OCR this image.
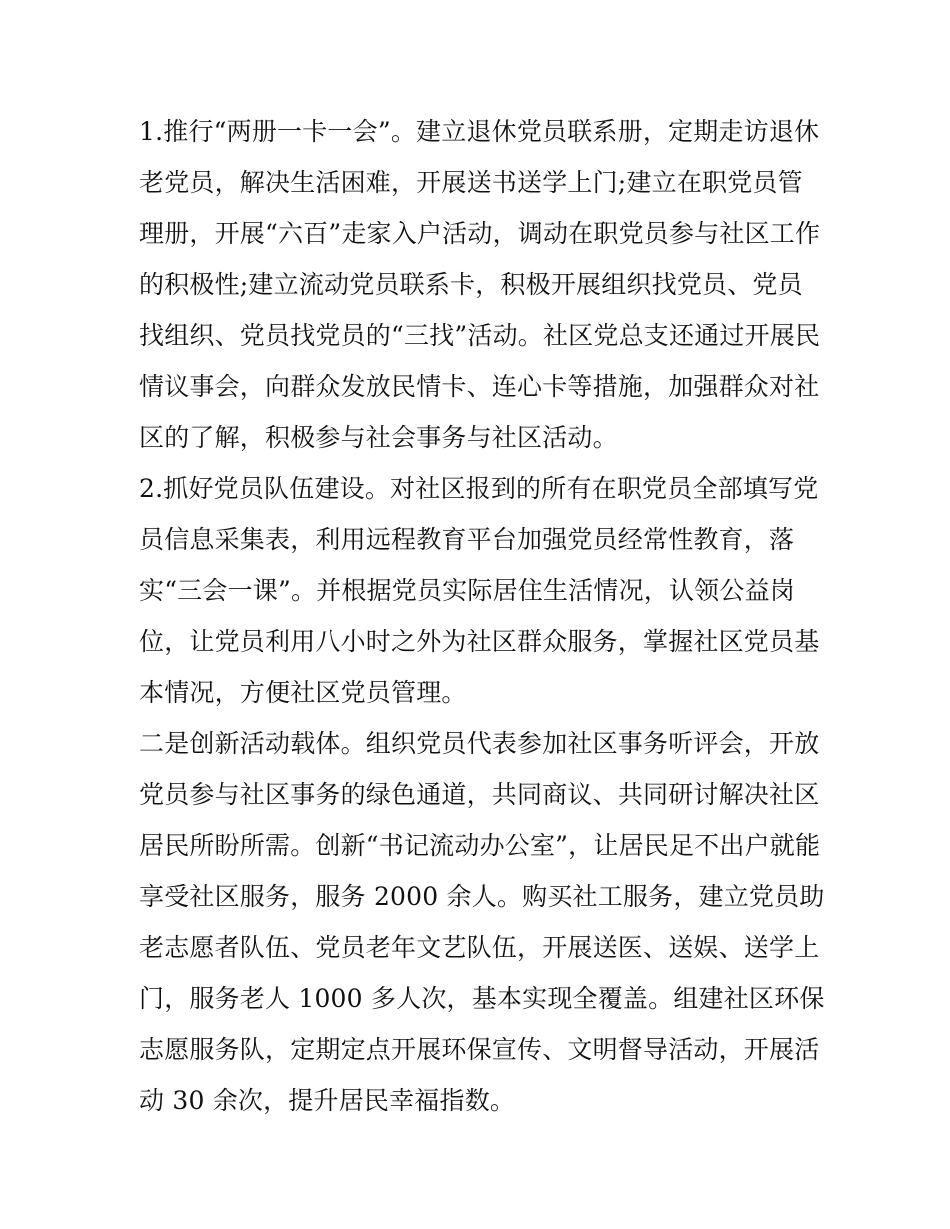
1.推行“两册一卡一会”。建立退休党员联系册，定期走访退休
老党员，解决生活困难，开展送书送学上门;建立在职党员管
理册，开展“六百”走家入户活动，调动在职党员参与社区工作
的积极性;建立流动党员联系卡，积极开展组织找党员、党员
找组织、党员找党员的“三找”活动。社区党总支还通过开展民
情议事会，向群众发放民情卡、连心卡等措施，加强群众对社
区的了解，积极参与社会事务与社区活动。
2.抓好党员队伍建设。对社区报到的所有在职党员全部填写党
员信息采集表，利用远程教育平台加强党员经常性教育，落
实“三会一课”。并根据党员实际居住生活情况，认领公益岗
位，让党员利用八小时之外为社区群众服务，掌握社区党员基
本情况，方便社区党员管理。
二是创新活动载体。组织党员代表参加社区事务听评会，开放
党员参与社区事务的绿色通道，共同商议、共同研讨解决社区
居民所盼所需。创新“书记流动办公室”，让居民足不出户就能
享受社区服务，服务 2000 余人。购买社工服务，建立党员助
老志愿者队伍、党员老年文艺队伍，开展送医、送娱、送学上
门，服务老人 1000 多人次，基本实现全覆盖。组建社区环保
志愿服务队，定期定点开展环保宣传、文明督导活动，开展活
动 30 余次，提升居民幸福指数。
